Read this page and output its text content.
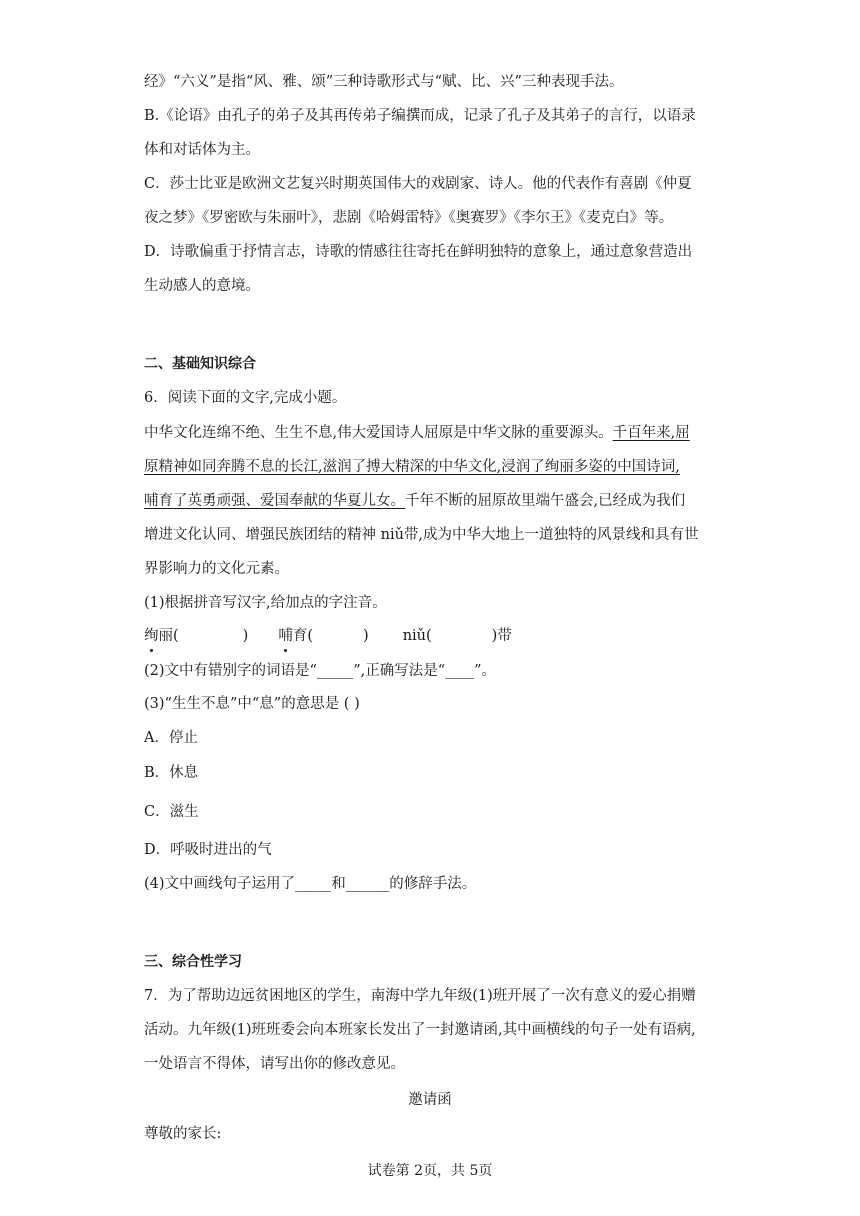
经》“六义”是指“风、雅、颂”三种诗歌形式与“赋、比、兴”三种表现手法。
B.《论语》由孔子的弟子及其再传弟子编撰而成，记录了孔子及其弟子的言行，以语录
体和对话体为主。
C．莎士比亚是欧洲文艺复兴时期英国伟大的戏剧家、诗人。他的代表作有喜剧《仲夏
夜之梦》《罗密欧与朱丽叶》，悲剧《哈姆雷特》《奥赛罗》《李尔王》《麦克白》等。
D．诗歌偏重于抒情言志，诗歌的情感往往寄托在鲜明独特的意象上，通过意象营造出
生动感人的意境。
二、基础知识综合
6．阅读下面的文字,完成小题。
中华文化连绵不绝、生生不息,伟大爱国诗人屈原是中华文脉的重要源头。千百年来,屈
原精神如同奔腾不息的长江,滋润了搏大精深的中华文化,浸润了绚丽多姿的中国诗词,
哺育了英勇顽强、爱国奉献的华夏儿女。千年不断的屈原故里端午盛会,已经成为我们
增进文化认同、增强民族团结的精神 niǔ带,成为中华大地上一道独特的风景线和具有世
界影响力的文化元素。
(1)根据拼音写汉字,给加点的字注音。
绚丽(	) 哺育(	) niǔ(	)带
(2)文中有错别字的词语是“_____”,正确写法是“____”。
(3)“生生不息”中“息”的意思是 ( )
A．停止
B．休息
C．滋生
D．呼吸时进出的气
(4)文中画线句子运用了_____和______的修辞手法。
三、综合性学习
7．为了帮助边远贫困地区的学生，南海中学九年级(1)班开展了一次有意义的爱心捐赠
活动。九年级(1)班班委会向本班家长发出了一封邀请函,其中画横线的句子一处有语病,
一处语言不得体，请写出你的修改意见。
邀请函
尊敬的家长:
试卷第 2页，共 5页
